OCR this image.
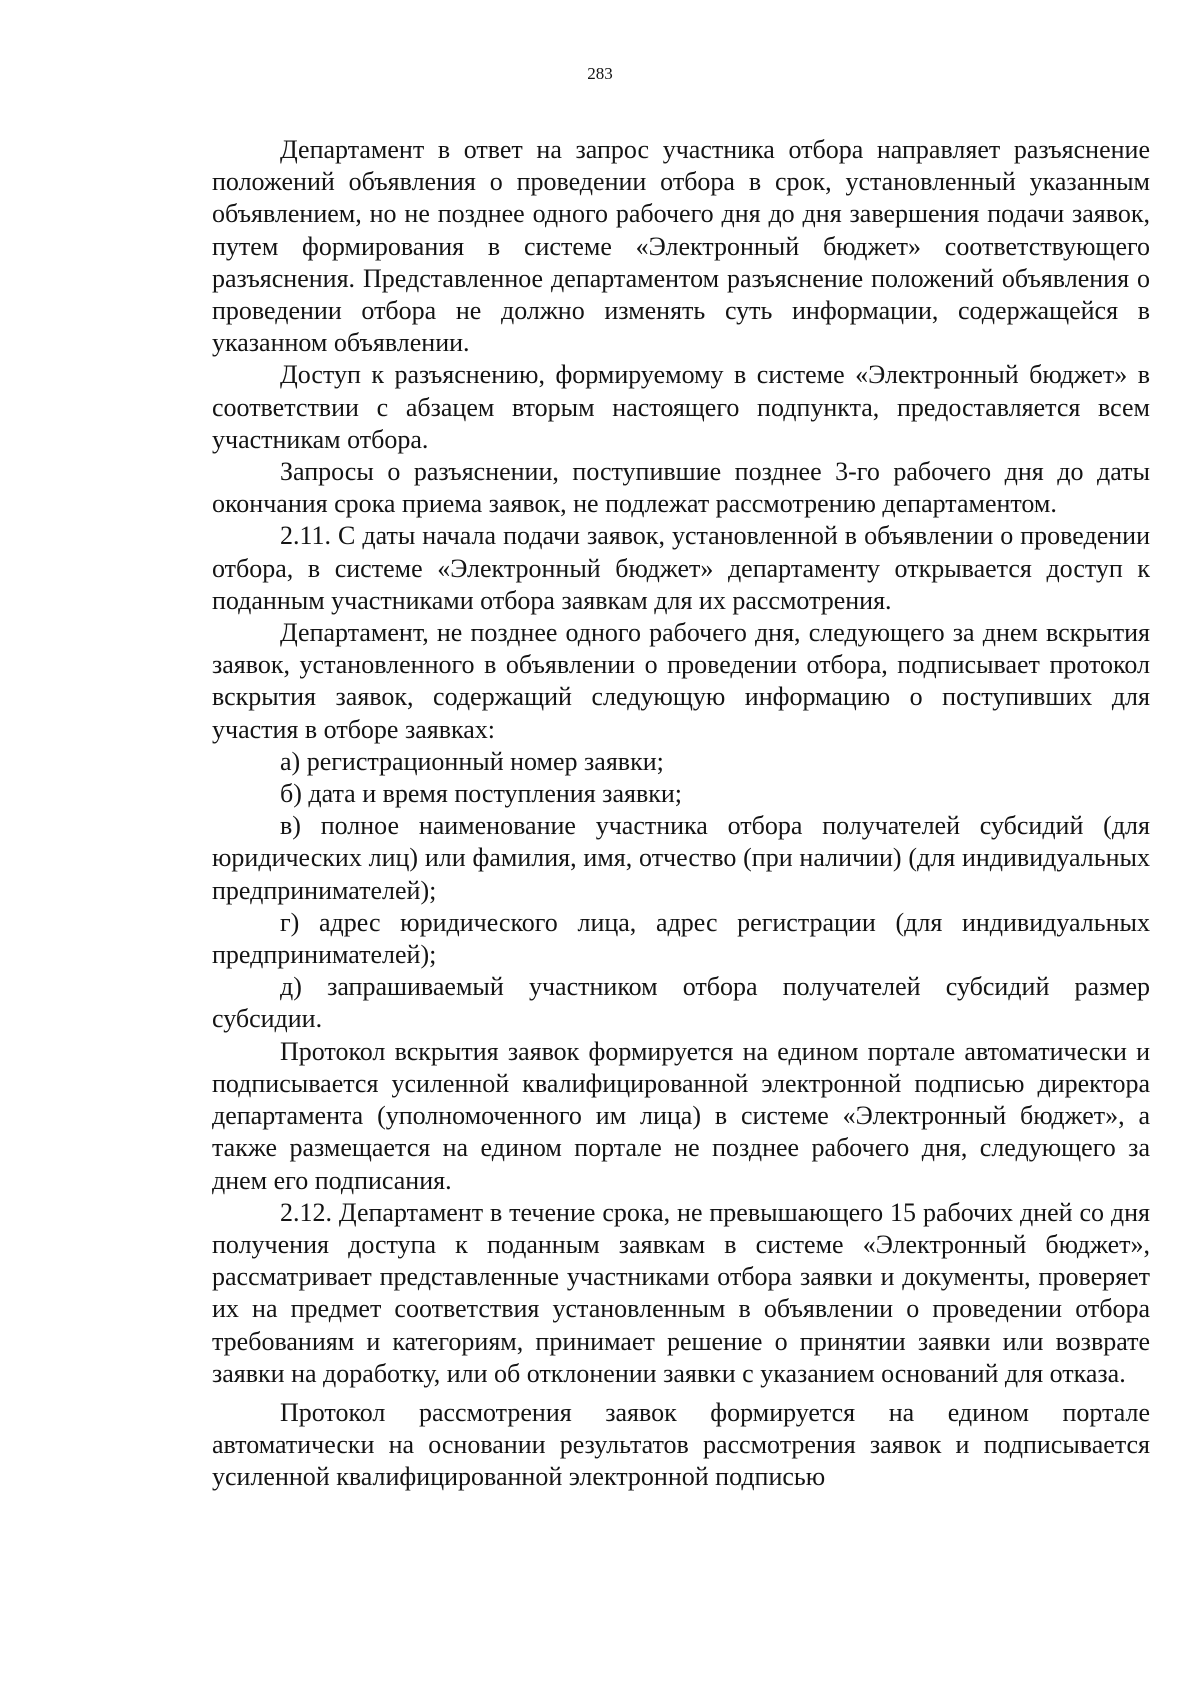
283

Департамент в ответ на запрос участника отбора направляет разъяснение положений объявления о проведении отбора в срок, установленный указанным объявлением, но не позднее одного рабочего дня до дня завершения подачи заявок, путем формирования в системе «Электронный бюджет» соответствующего разъяснения. Представленное департаментом разъяснение положений объявления о проведении отбора не должно изменять суть информации, содержащейся в указанном объявлении.

Доступ к разъяснению, формируемому в системе «Электронный бюджет» в соответствии с абзацем вторым настоящего подпункта, предоставляется всем участникам отбора.

Запросы о разъяснении, поступившие позднее 3-го рабочего дня до даты окончания срока приема заявок, не подлежат рассмотрению департаментом.

2.11. С даты начала подачи заявок, установленной в объявлении о проведении отбора, в системе «Электронный бюджет» департаменту открывается доступ к поданным участниками отбора заявкам для их рассмотрения.

Департамент, не позднее одного рабочего дня, следующего за днем вскрытия заявок, установленного в объявлении о проведении отбора, подписывает протокол вскрытия заявок, содержащий следующую информацию о поступивших для участия в отборе заявках:

а) регистрационный номер заявки;

б) дата и время поступления заявки;

в) полное наименование участника отбора получателей субсидий (для юридических лиц) или фамилия, имя, отчество (при наличии) (для индивидуальных предпринимателей);

г) адрес юридического лица, адрес регистрации (для индивидуальных предпринимателей);

д) запрашиваемый участником отбора получателей субсидий размер субсидии.

Протокол вскрытия заявок формируется на едином портале автоматически и подписывается усиленной квалифицированной электронной подписью директора департамента (уполномоченного им лица) в системе «Электронный бюджет», а также размещается на едином портале не позднее рабочего дня, следующего за днем его подписания.

2.12. Департамент в течение срока, не превышающего 15 рабочих дней со дня получения доступа к поданным заявкам в системе «Электронный бюджет», рассматривает представленные участниками отбора заявки и документы, проверяет их на предмет соответствия установленным в объявлении о проведении отбора требованиям и категориям, принимает решение о принятии заявки или возврате заявки на доработку, или об отклонении заявки с указанием оснований для отказа.

Протокол рассмотрения заявок формируется на едином портале автоматически на основании результатов рассмотрения заявок и подписывается усиленной квалифицированной электронной подписью
